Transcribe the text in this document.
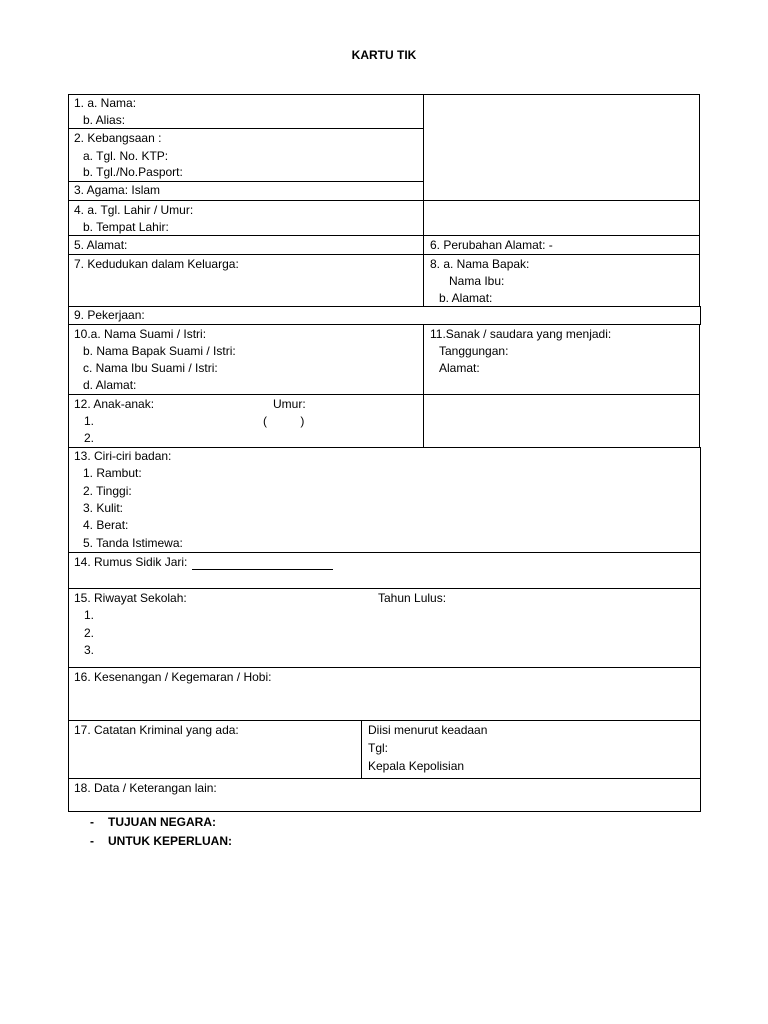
KARTU TIK
1. a. Nama:
b. Alias:
2. Kebangsaan :
a. Tgl. No. KTP:
b. Tgl./No.Pasport:
3. Agama: Islam
4. a. Tgl. Lahir / Umur:
b. Tempat Lahir:
5. Alamat:	6. Perubahan Alamat: -
7. Kedudukan dalam Keluarga:	8. a. Nama Bapak:
Nama Ibu:
b. Alamat:
9. Pekerjaan:
10.a. Nama Suami / Istri:
b. Nama Bapak Suami / Istri:
c. Nama Ibu Suami / Istri:
d. Alamat:
11.Sanak / saudara yang menjadi:
Tanggungan:
Alamat:
12. Anak-anak:	Umur:
1.	(          )
2.
13. Ciri-ciri badan:
1. Rambut:
2. Tinggi:
3. Kulit:
4. Berat:
5. Tanda Istimewa:
14. Rumus Sidik Jari:
15. Riwayat Sekolah:	Tahun Lulus:
1.
2.
3.
16. Kesenangan / Kegemaran / Hobi:
17. Catatan Kriminal yang ada:	Diisi menurut keadaan
Tgl:
Kepala Kepolisian
18. Data / Keterangan lain:
- TUJUAN NEGARA:
- UNTUK KEPERLUAN:
